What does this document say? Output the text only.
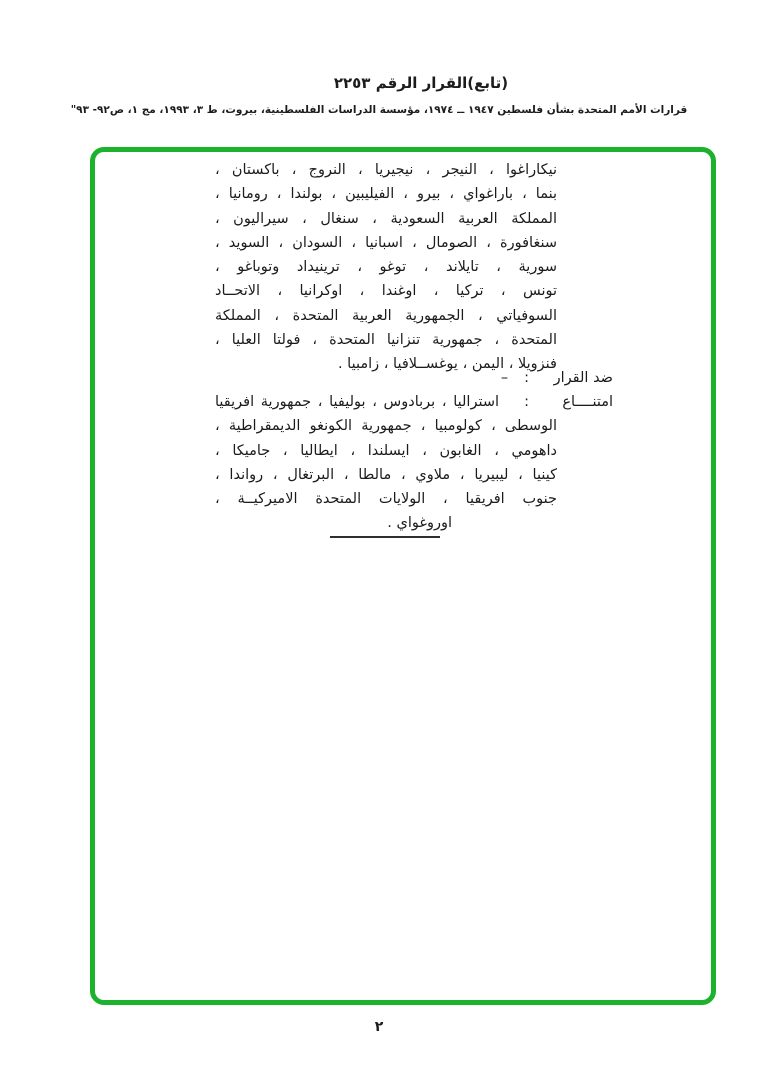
(تابع)القرار الرقم ٢٢٥٣
قرارات الأمم المتحدة بشأن فلسطين ١٩٤٧ ــ ١٩٧٤، مؤسسة الدراسات الفلسطينية، بيروت، ط ٣، ١٩٩٣، مج ١، ص٩٢- ٩٣"
نيكاراغوا ، النيجر ، نيجيريا ، النروج ، باكستان ،
بنما ، باراغواي ، بيرو ، الفيليبين ، بولندا ، رومانيا ،
المملكة العربية السعودية ، سنغال ، سيراليون ،
سنغافورة ، الصومال ، اسبانيا ، السودان ، السويد ،
سورية ، تايلاند ، توغو ، ترينيداد وتوباغو ،
تونس ، تركيا ، اوغندا ، اوكرانيا ، الاتحــاد
السوفياتي ، الجمهورية العربية المتحدة ، المملكة
المتحدة ، جمهورية تنزانيا المتحدة ، فولتا العليا ،
فنزويلا ، اليمن ، يوغســلافيا ، زامبيا .
ضد القرار
:
–
امتنــــاع
:
استراليا ، بربادوس ، بوليفيا ، جمهورية افريقيا
الوسطى ، كولومبيا ، جمهورية الكونغو الديمقراطية ،
داهومي ، الغابون ، ايسلندا ، ايطاليا ، جاميكا ،
كينيا ، ليبيريا ، ملاوي ، مالطا ، البرتغال ، رواندا ،
جنوب افريقيا ، الولايات المتحدة الاميركيــة ،
اوروغواي .
٢
